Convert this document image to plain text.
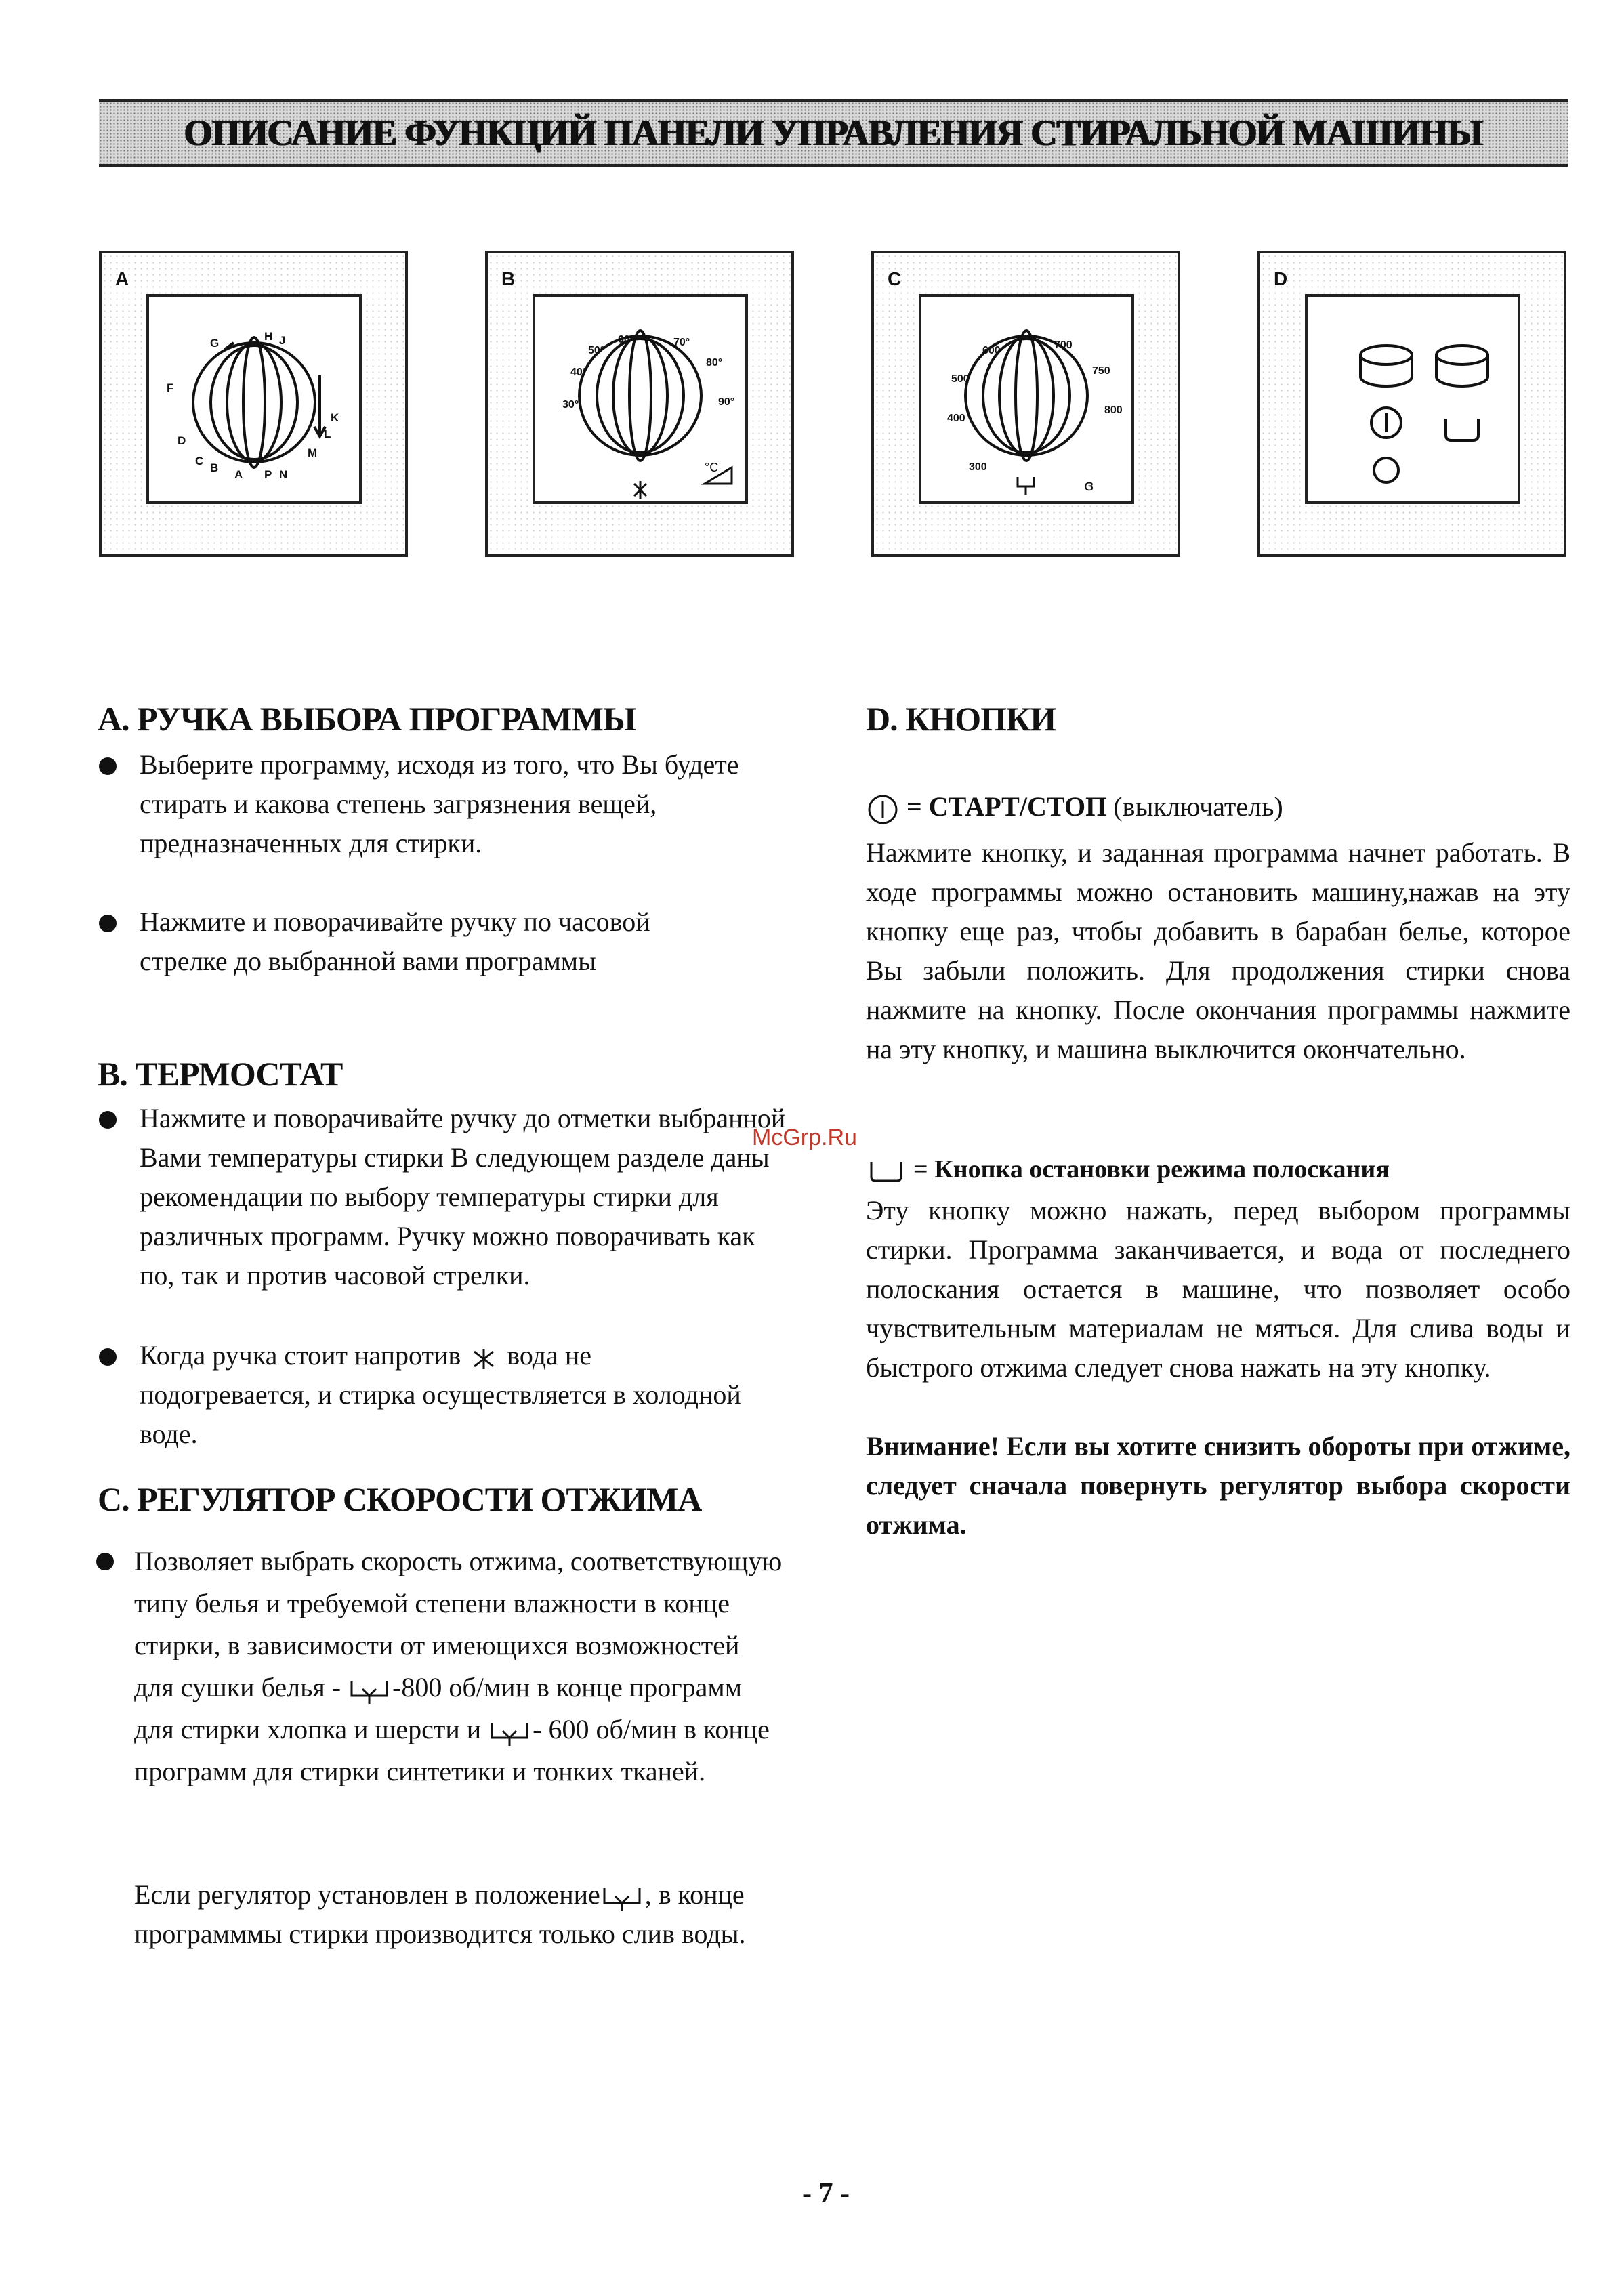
ОПИСАНИЕ ФУНКЦИЙ ПАНЕЛИ УПРАВЛЕНИЯ СТИРАЛЬНОЙ МАШИНЫ
A
G
H J
F
K
L
D
M
C
B
A P N
B
50°
60°	70°
40°
80°
30°	90°
°C
C
600	700
500
750
400
800
300
ɞ
D
A. РУЧКА ВЫБОРА ПРОГРАММЫ
Выберите программу, исходя из того, что Вы будете стирать и какова степень загрязнения вещей, предназначенных для стирки.
Нажмите и поворачивайте ручку по часовой стрелке до выбранной вами программы
B. ТЕРМОСТАТ
Нажмите и поворачивайте ручку до отметки выбранной Вами температуры стирки В следующем разделе даны рекомендации по выбору температуры стирки для различных программ. Ручку можно поворачивать как по, так и против часовой стрелки.
Когда ручка стоит напротив вода не подогревается, и стирка осуществляется в холодной воде.
C. РЕГУЛЯТОР СКОРОСТИ ОТЖИМА
Позволяет выбрать скорость отжима, соответствующую типу белья и требуемой степени влажности в конце стирки, в зависимости от имеющихся возможностей для сушки белья - -800 об/мин в конце программ для стирки хлопка и шерсти и - 600 об/мин в конце программ для стирки синтетики и тонких тканей.
Если регулятор установлен в положение , в конце программмы стирки производится только слив воды.
D. КНОПКИ
= СТАРТ/СТОП (выключатель)
Нажмите кнопку, и заданная программа начнет работать. В ходе программы можно остановить машину,нажав на эту кнопку еще раз, чтобы добавить в барабан белье, которое Вы забыли положить. Для продолжения стирки снова нажмите на кнопку. После окончания программы нажмите на эту кнопку, и машина выключится окончательно.
= Кнопка остановки режима полоскания
Эту кнопку можно нажать, перед выбором программы стирки. Программа заканчивается, и вода от последнего полоскания остается в машине, что позволяет особо чувствительным материалам не мяться. Для слива воды и быстрого отжима следует снова нажать на эту кнопку.
Внимание! Если вы хотите снизить обороты при отжиме, следует сначала повернуть регулятор выбора скорости отжима.
McGrp.Ru
- 7 -
